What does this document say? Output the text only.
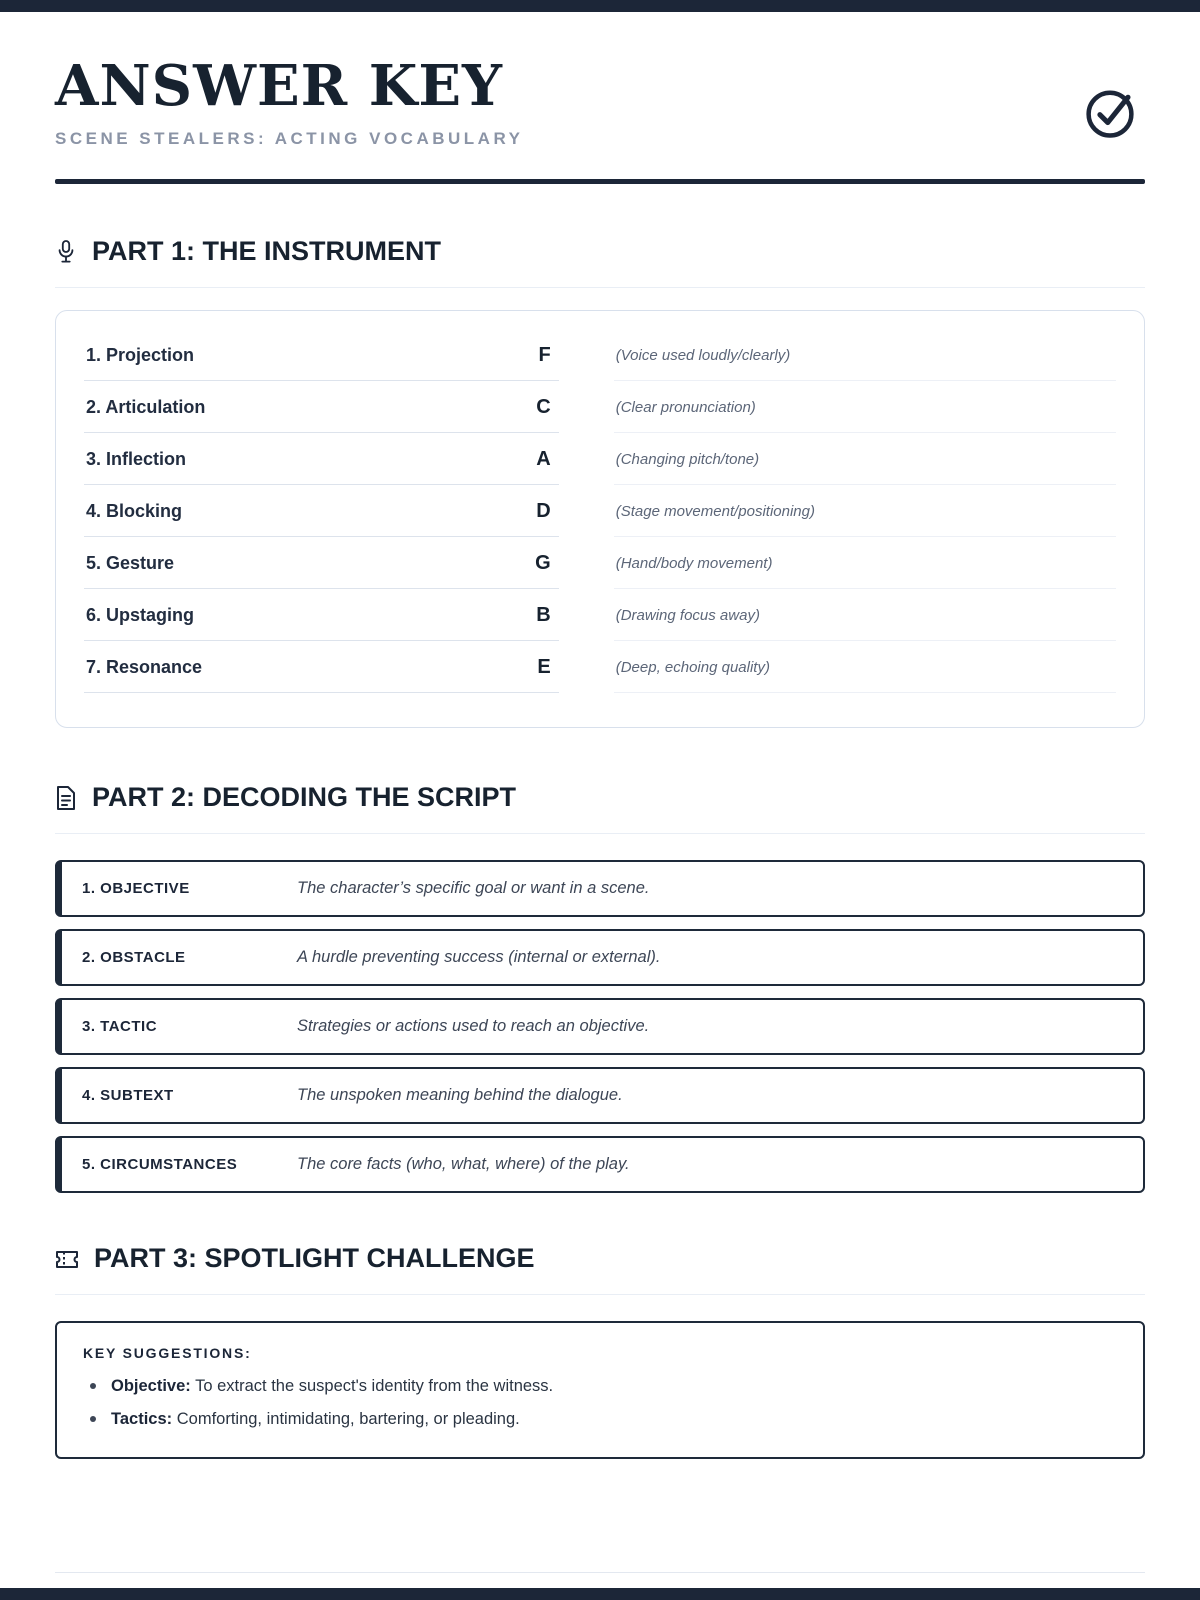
ANSWER KEY
SCENE STEALERS: ACTING VOCABULARY
PART 1: THE INSTRUMENT
1. Projection	F	(Voice used loudly/clearly)
2. Articulation	C	(Clear pronunciation)
3. Inflection	A	(Changing pitch/tone)
4. Blocking	D	(Stage movement/positioning)
5. Gesture	G	(Hand/body movement)
6. Upstaging	B	(Drawing focus away)
7. Resonance	E	(Deep, echoing quality)
PART 2: DECODING THE SCRIPT
1. OBJECTIVE	The character’s specific goal or want in a scene.
2. OBSTACLE	A hurdle preventing success (internal or external).
3. TACTIC	Strategies or actions used to reach an objective.
4. SUBTEXT	The unspoken meaning behind the dialogue.
5. CIRCUMSTANCES	The core facts (who, what, where) of the play.
PART 3: SPOTLIGHT CHALLENGE
KEY SUGGESTIONS:
Objective: To extract the suspect's identity from the witness.
Tactics: Comforting, intimidating, bartering, or pleading.
